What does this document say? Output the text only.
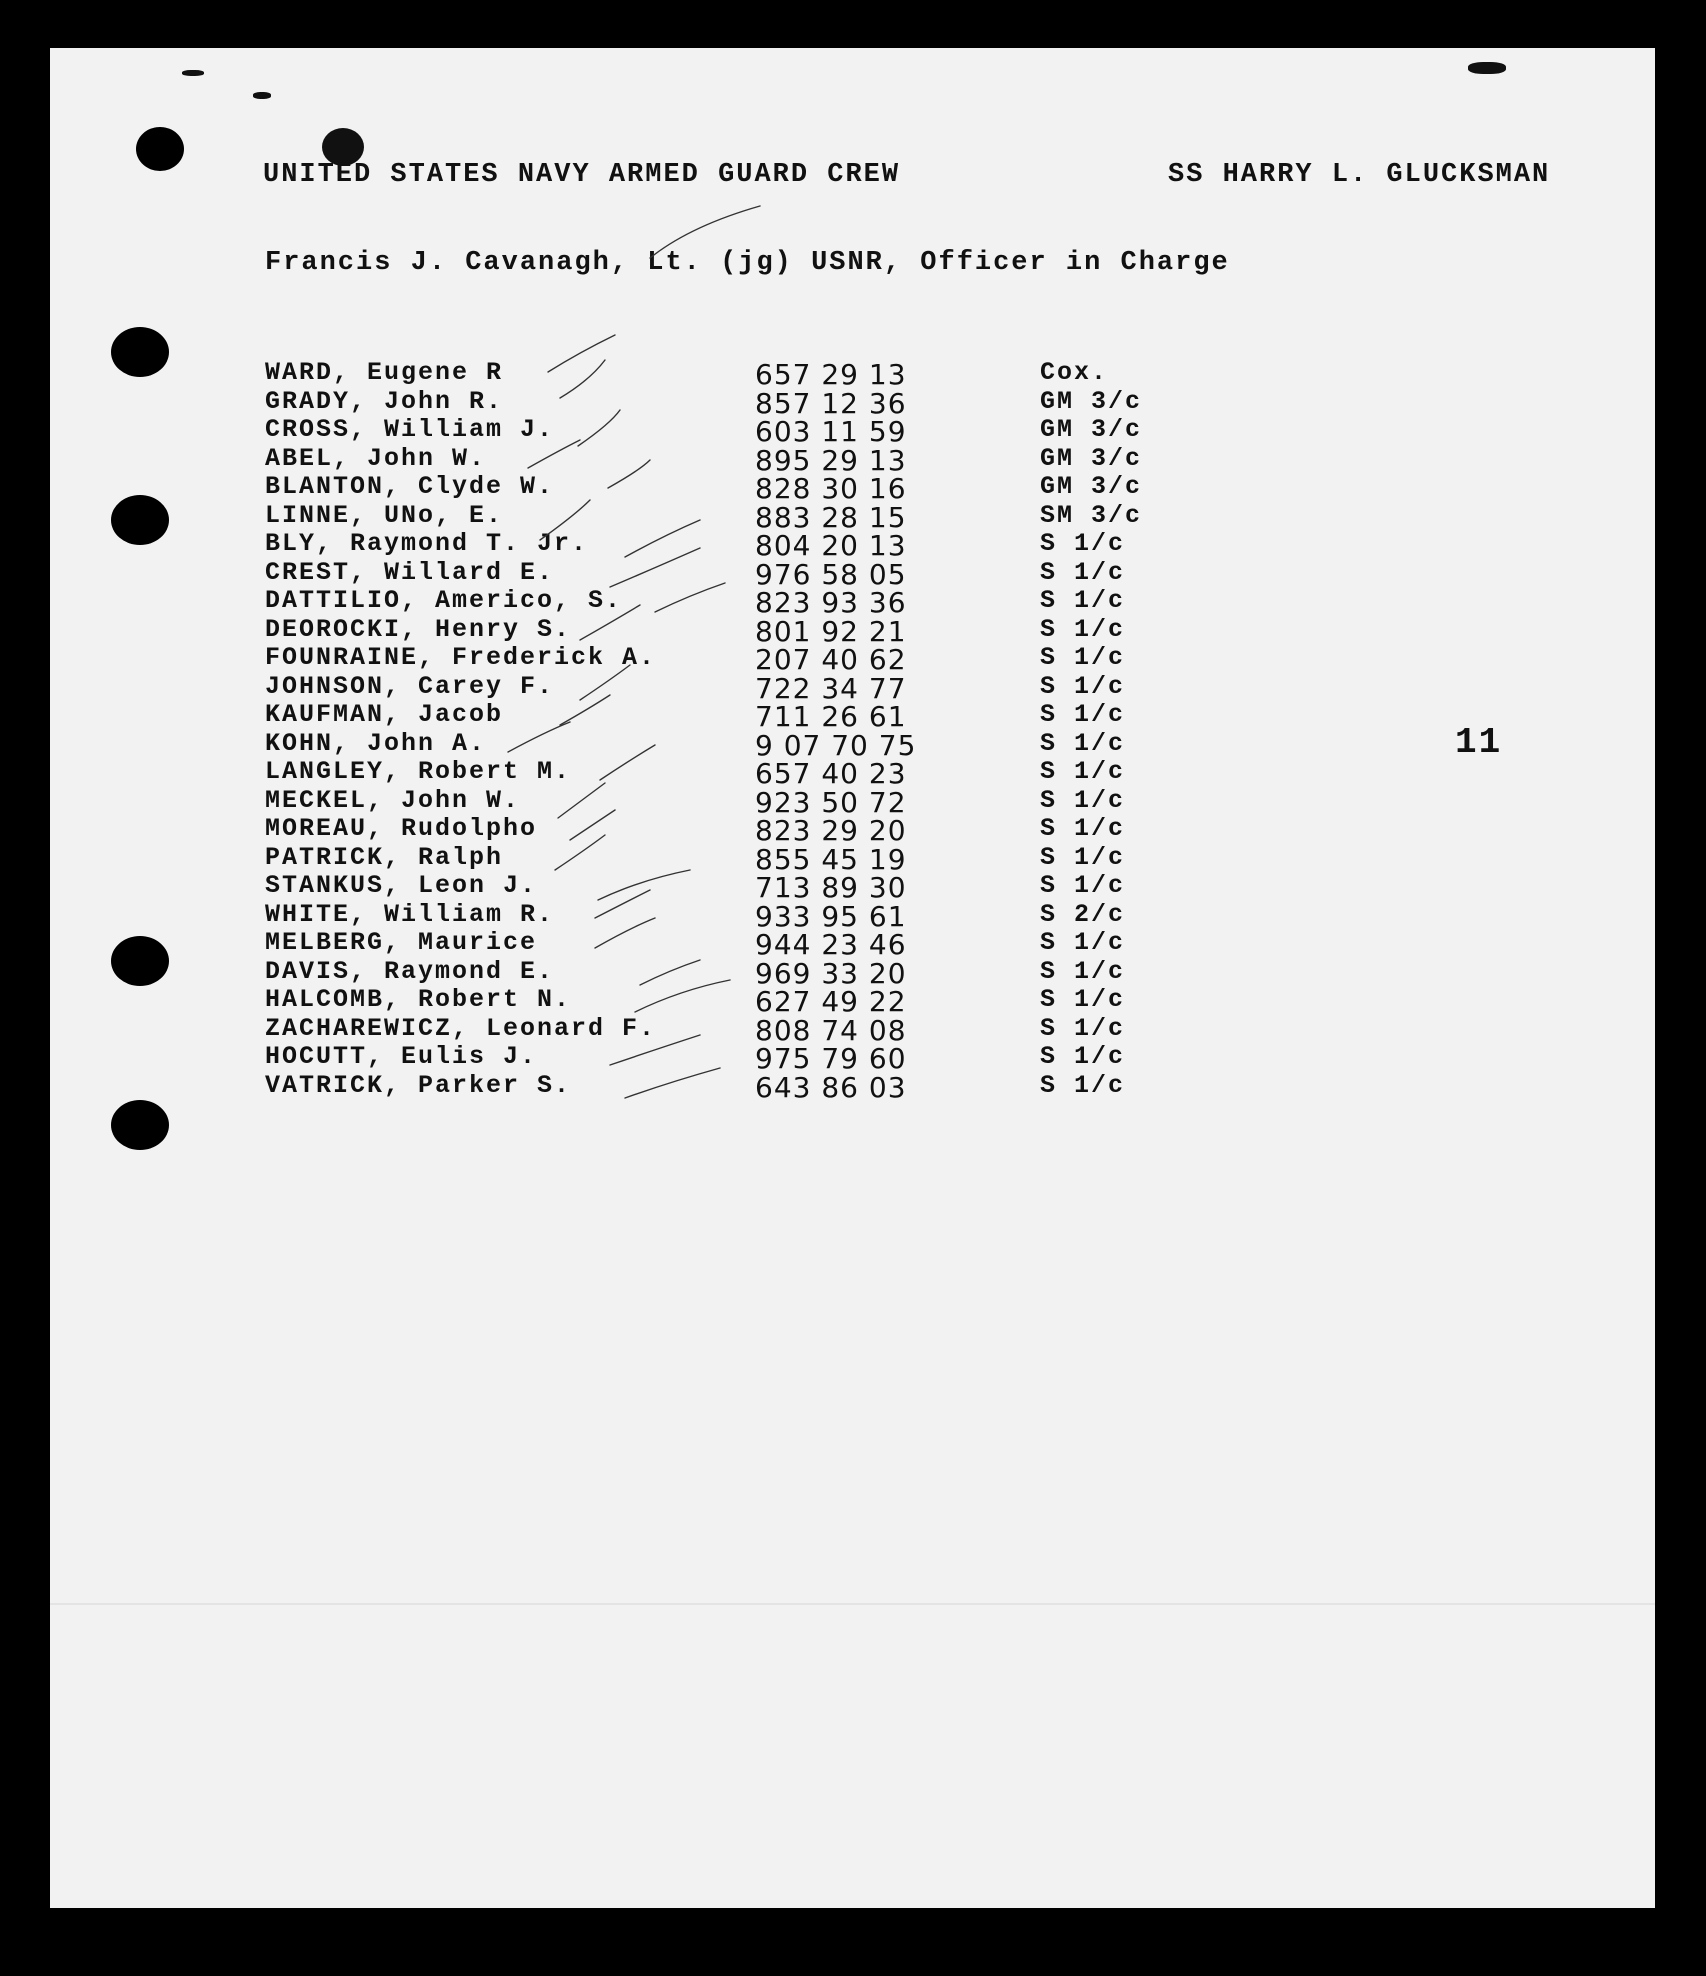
UNITED STATES NAVY ARMED GUARD CREW	SS HARRY L. GLUCKSMAN
Francis J. Cavanagh, Lt. (jg) USNR, Officer in Charge
WARD, Eugene R	657 29 13	Cox.
GRADY, John R.	857 12 36	GM 3/c
CROSS, William J.	603 11 59	GM 3/c
ABEL, John W.	895 29 13	GM 3/c
BLANTON, Clyde W.	828 30 16	GM 3/c
LINNE, UNo, E.	883 28 15	SM 3/c
BLY, Raymond T. Jr.	804 20 13	S 1/c
CREST, Willard E.	976 58 05	S 1/c
DATTILIO, Americo, S.	823 93 36	S 1/c
DEOROCKI, Henry S.	801 92 21	S 1/c
FOUNRAINE, Frederick A.	207 40 62	S 1/c
JOHNSON, Carey F.	722 34 77	S 1/c
KAUFMAN, Jacob	711 26 61	S 1/c
KOHN, John A.	9 07 70 75	S 1/c
LANGLEY, Robert M.	657 40 23	S 1/c
MECKEL, John W.	923 50 72	S 1/c
MOREAU, Rudolpho	823 29 20	S 1/c
PATRICK, Ralph	855 45 19	S 1/c
STANKUS, Leon J.	713 89 30	S 1/c
WHITE, William R.	933 95 61	S 2/c
MELBERG, Maurice	944 23 46	S 1/c
DAVIS, Raymond E.	969 33 20	S 1/c
HALCOMB, Robert N.	627 49 22	S 1/c
ZACHAREWICZ, Leonard F.	808 74 08	S 1/c
HOCUTT, Eulis J.	975 79 60	S 1/c
VATRICK, Parker S.	643 86 03	S 1/c
11
